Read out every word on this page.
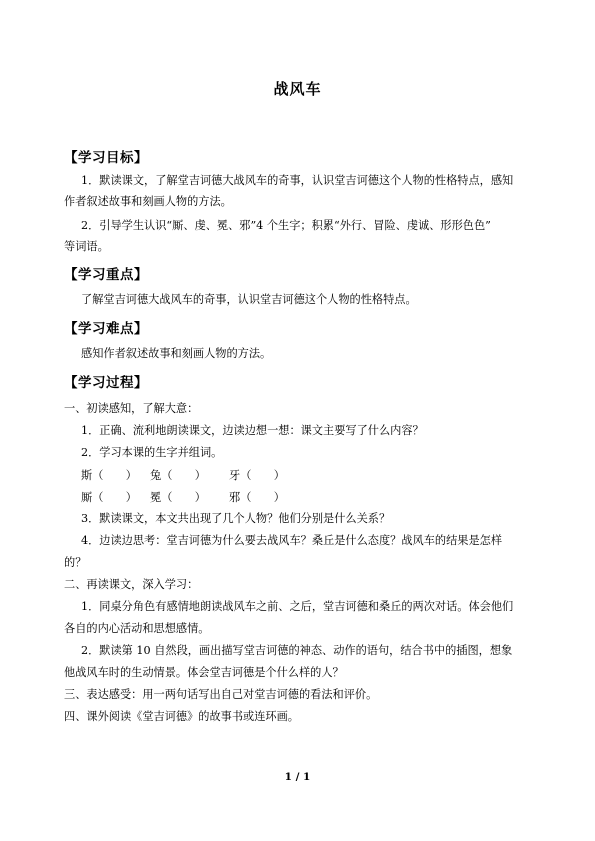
战风车
【学习目标】
1．默读课文，了解堂吉诃德大战风车的奇事，认识堂吉诃德这个人物的性格特点，感知
作者叙述故事和刻画人物的方法。
2．引导学生认识“厮、虔、冕、邪”4 个生字；积累“外行、冒险、虔诚、形形色色”
等词语。
【学习重点】
了解堂吉诃德大战风车的奇事，认识堂吉诃德这个人物的性格特点。
【学习难点】
感知作者叙述故事和刻画人物的方法。
【学习过程】
一、初读感知，了解大意：
1．正确、流利地朗读课文，边读边想一想：课文主要写了什么内容？
2．学习本课的生字并组词。
斯（　　） 兔（　　） 牙（　　）
厮（　　） 冕（　　） 邪（　　）
3．默读课文，本文共出现了几个人物？他们分别是什么关系？
4．边读边思考：堂吉诃德为什么要去战风车？桑丘是什么态度？战风车的结果是怎样
的？
二、再读课文，深入学习：
1．同桌分角色有感情地朗读战风车之前、之后，堂吉诃德和桑丘的两次对话。体会他们
各自的内心活动和思想感情。
2．默读第 10 自然段，画出描写堂吉诃德的神态、动作的语句，结合书中的插图，想象
他战风车时的生动情景。体会堂吉诃德是个什么样的人？
三、表达感受：用一两句话写出自己对堂吉诃德的看法和评价。
四、课外阅读《堂吉诃德》的故事书或连环画。
1 / 1
